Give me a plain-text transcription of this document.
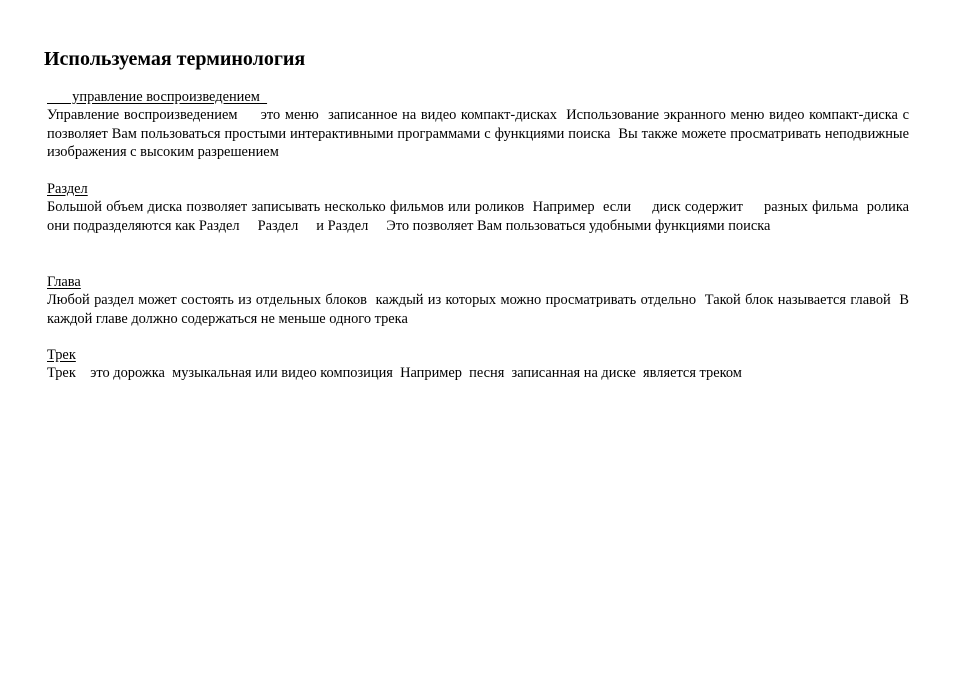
Используемая терминология
управление воспроизведением

Управление воспроизведением     это меню  записанное на видео компакт-дисках  Использование экранного меню видео компакт-диска с           позволяет Вам пользоваться простыми интерактивными программами с функциями поиска  Вы также можете просматривать неподвижные изображения с высоким разрешением

Раздел

Большой объем диска позволяет записывать несколько фильмов или роликов  Например  если     диск содержит     разных фильма  ролика   они подразделяются как Раздел     Раздел     и Раздел     Это позволяет Вам пользоваться удобными функциями поиска

Глава

Любой раздел может состоять из отдельных блоков  каждый из которых можно просматривать отдельно  Такой блок называется главой  В каждой главе должно содержаться не меньше одного трека

Трек

Трек    это дорожка  музыкальная или видео композиция  Например  песня  записанная на диске  является треком
